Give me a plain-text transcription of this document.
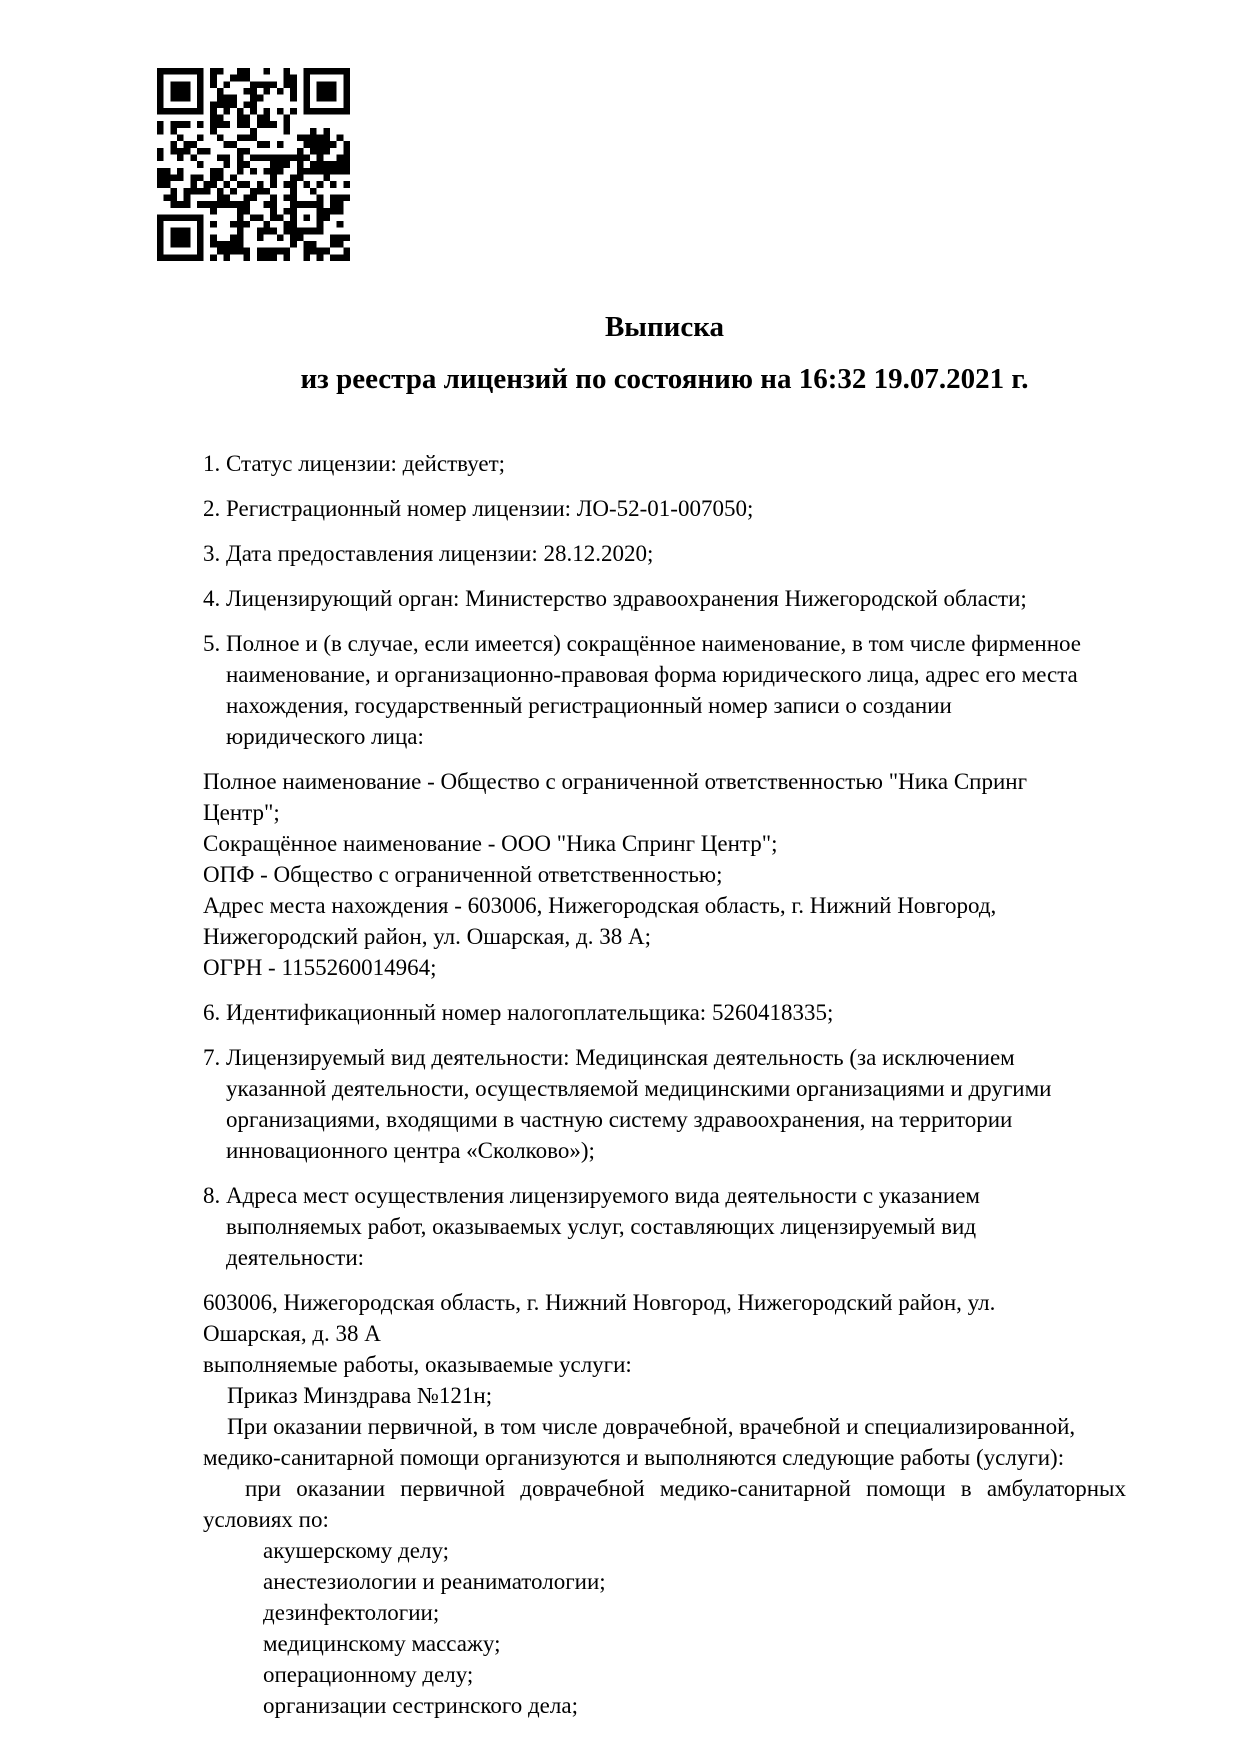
Выписка
из реестра лицензий по состоянию на 16:32 19.07.2021 г.
1. Статус лицензии: действует;
2. Регистрационный номер лицензии: ЛО-52-01-007050;
3. Дата предоставления лицензии: 28.12.2020;
4. Лицензирующий орган: Министерство здравоохранения Нижегородской области;
5. Полное и (в случае, если имеется) сокращённое наименование, в том числе фирменное
наименование, и организационно-правовая форма юридического лица, адрес его места
нахождения, государственный регистрационный номер записи о создании
юридического лица:
Полное наименование - Общество с ограниченной ответственностью "Ника Спринг
Центр";
Сокращённое наименование - ООО "Ника Спринг Центр";
ОПФ - Общество с ограниченной ответственностью;
Адрес места нахождения - 603006, Нижегородская область, г. Нижний Новгород,
Нижегородский район, ул. Ошарская, д. 38 А;
ОГРН - 1155260014964;
6. Идентификационный номер налогоплательщика: 5260418335;
7. Лицензируемый вид деятельности: Медицинская деятельность (за исключением
указанной деятельности, осуществляемой медицинскими организациями и другими
организациями, входящими в частную систему здравоохранения, на территории
инновационного центра «Сколково»);
8. Адреса мест осуществления лицензируемого вида деятельности с указанием
выполняемых работ, оказываемых услуг, составляющих лицензируемый вид
деятельности:
603006, Нижегородская область, г. Нижний Новгород, Нижегородский район, ул.
Ошарская, д. 38 А
выполняемые работы, оказываемые услуги:
Приказ Минздрава №121н;
При оказании первичной, в том числе доврачебной, врачебной и специализированной,
медико-санитарной помощи организуются и выполняются следующие работы (услуги):
при оказании первичной доврачебной медико-санитарной помощи в амбулаторных
условиях по:
акушерскому делу;
анестезиологии и реаниматологии;
дезинфектологии;
медицинскому массажу;
операционному делу;
организации сестринского дела;
